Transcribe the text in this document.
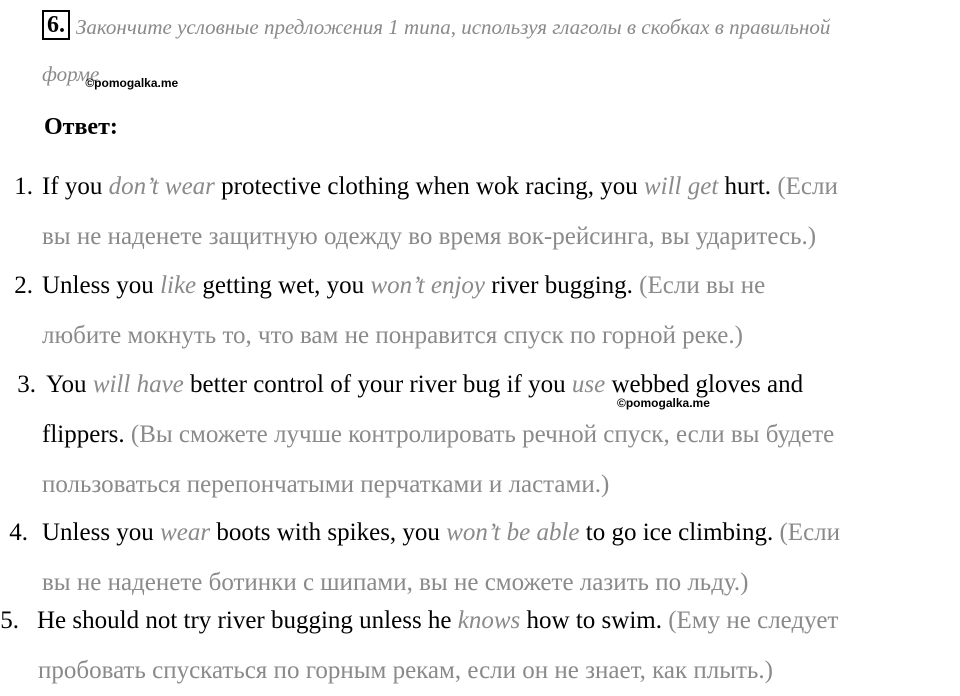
6. Закончите условные предложения 1 типа, используя глаголы в скобках в правильной форме$_{©pomogalka.me}$
Ответ:
1. If you don’t wear protective clothing when wok racing, you will get hurt. (Если
вы не наденете защитную одежду во время вок-рейсинга, вы ударитесь.)
2. Unless you like getting wet, you won’t enjoy river bugging. (Если вы не
любите мокнуть то, что вам не понравится спуск по горной реке.)
3. You will have better control of your river bug if you use webbed gloves and
flippers. (Вы сможете лучше контролировать речной спуск, если вы будете
пользоваться перепончатыми перчатками и ластами.)
©pomogalka.me
4. Unless you wear boots with spikes, you won’t be able to go ice climbing. (Если
вы не наденете ботинки с шипами, вы не сможете лазить по льду.)
5. He should not try river bugging unless he knows how to swim. (Ему не следует
пробовать спускаться по горным рекам, если он не знает, как плыть.)
